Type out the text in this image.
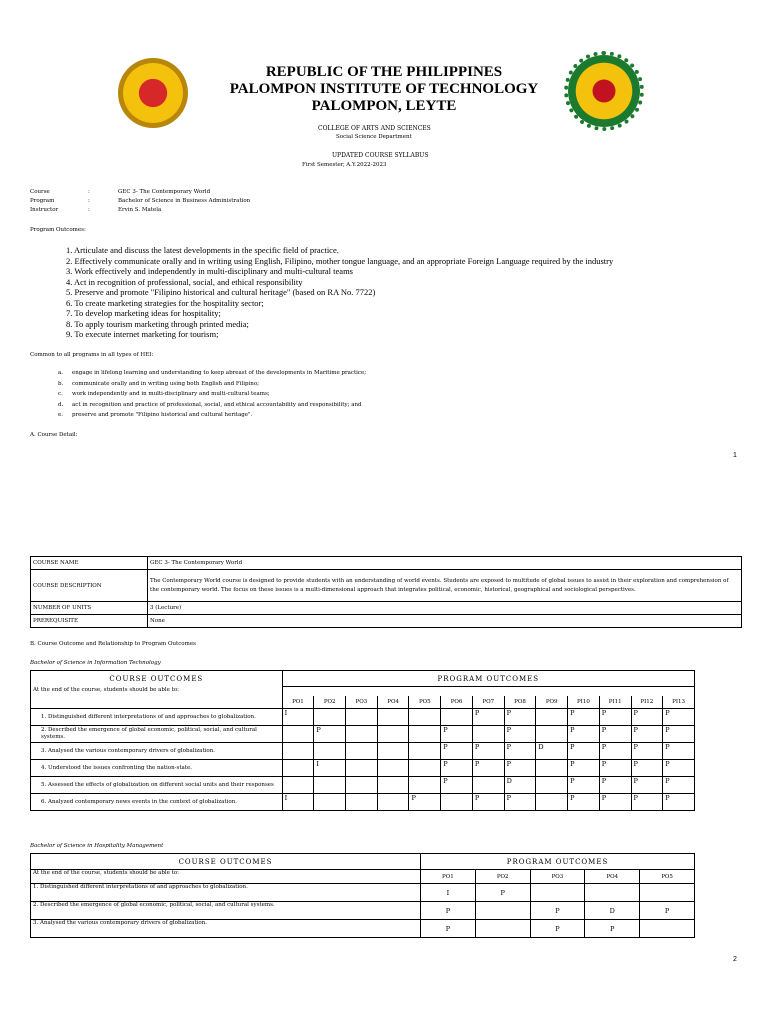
REPUBLIC OF THE PHILIPPINES
PALOMPON INSTITUTE OF TECHNOLOGY
PALOMPON, LEYTE
COLLEGE OF ARTS AND SCIENCES
Social Science Department
UPDATED COURSE SYLLABUS
First Semester, A.Y.2022-2023
Course	:	GEC 3- The Contemporary World
Program	:	Bachelor of Science in Business Administration
Instructor	:	Ervin S. Matela
Program Outcomes:
1. Articulate and discuss the latest developments in the specific field of practice.
2. Effectively communicate orally and in writing using English, Filipino, mother tongue language, and an appropriate Foreign Language required by the industry
3. Work effectively and independently in multi-disciplinary and multi-cultural teams
4. Act in recognition of professional, social, and ethical responsibility
5. Preserve and promote "Filipino historical and cultural heritage" (based on RA No. 7722)
6. To create marketing strategies for the hospitality sector;
7. To develop marketing ideas for hospitality;
8. To apply tourism marketing through printed media;
9. To execute internet marketing for tourism;
Common to all programs in all types of HEI:
a.	engage in lifelong learning and understanding to keep abreast of the developments in Maritime practice;
b.	communicate orally and in writing using both English and Filipino;
c.	work independently and in multi-disciplinary and multi-cultural teams;
d.	act in recognition and practice of professional, social, and ethical accountability and responsibility; and
e.	preserve and promote "Filipino historical and cultural heritage".
A. Course Detail:
1
COURSE NAME	GEC 3- The Contemporary World
COURSE DESCRIPTION	The Contemporary World course is designed to provide students with an understanding of world events. Students are exposed to multitude of global issues to assist in their exploration and comprehension of the contemporary world. The focus on these issues is a multi-dimensional approach that integrates political, economic, historical, geographical and sociological perspectives.
NUMBER OF UNITS	3 (Lecture)
PREREQUISITE	None
B. Course Outcome and Relationship to Program Outcomes
Bachelor of Science in Information Technology
COURSE OUTCOMES	PROGRAM OUTCOMES												
At the end of the course, students should be able to:													
	PO1	PO2	PO3	PO4	PO5	PO6	PO7	PO8	PO9	PI10	PI11	PI12	PI13
1. Distinguished different interpretations of and approaches to globalization.	I						P	P		P	P	P	P
2. Described the emergence of global economic, political, social, and cultural systems.		P				P		P		P	P	P	P
3. Analysed the various contemporary drivers of globalization.						P	P	P	D	P	P	P	P
4. Understood the issues confronting the nation-state.		I				P	P	P		P	P	P	P
5. Assessed the effects of globalization on different social units and their responses						P		D		P	P	P	P
6. Analyzed contemporary news events in the context of globalization.	I				P		P	P		P	P	P	P
Bachelor of Science in Hospitality Management
COURSE OUTCOMES	PROGRAM OUTCOMES				
At the end of the course, students should be able to:	PO1	PO2	PO3	PO4	PO5
1. Distinguished different interpretations of and approaches to globalization.	I	P			
2. Described the emergence of global economic, political, social, and cultural systems.	P		P	D	P
3. Analysed the various contemporary drivers of globalization.	P		P	P	
2
